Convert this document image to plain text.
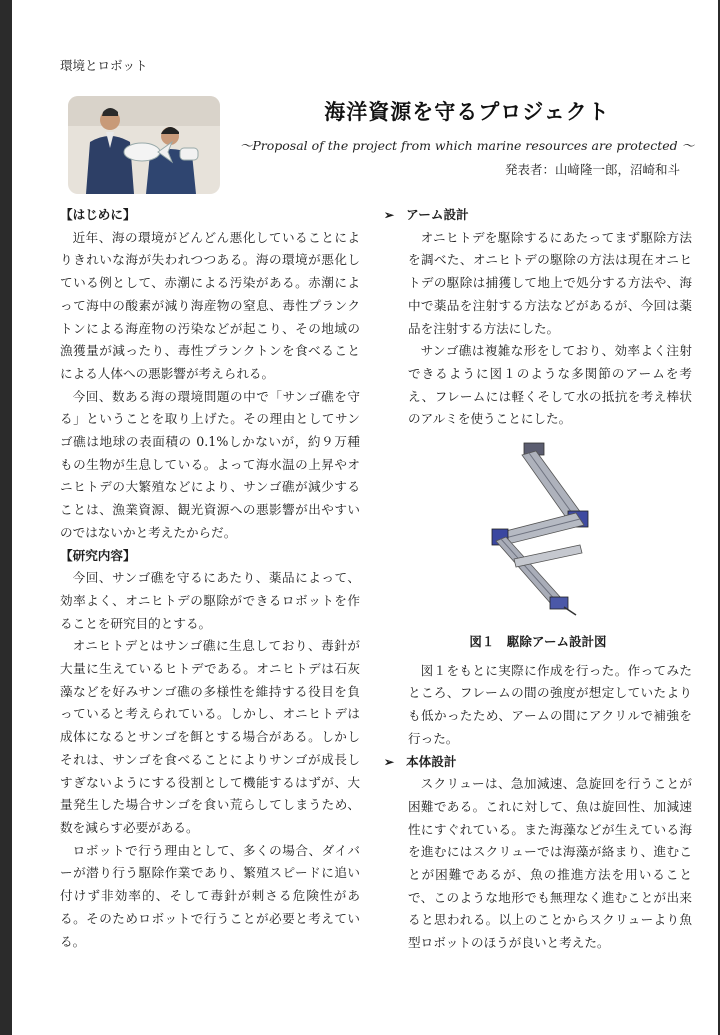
環境とロボット
海洋資源を守るプロジェクト
～Proposal of the project from which marine resources are protected ～
発表者：山﨑隆一郎，沼崎和斗

【はじめに】

近年、海の環境がどんどん悪化していることによりきれいな海が失われつつある。海の環境が悪化している例として、赤潮による汚染がある。赤潮によって海中の酸素が減り海産物の窒息、毒性プランクトンによる海産物の汚染などが起こり、その地域の漁獲量が減ったり、毒性プランクトンを食べることによる人体への悪影響が考えられる。

今回、数ある海の環境問題の中で「サンゴ礁を守る」ということを取り上げた。その理由としてサンゴ礁は地球の表面積の 0.1%しかないが，約９万種もの生物が生息している。よって海水温の上昇やオニヒトデの大繁殖などにより、サンゴ礁が減少することは、漁業資源、観光資源への悪影響が出やすいのではないかと考えたからだ。

【研究内容】

今回、サンゴ礁を守るにあたり、薬品によって、効率よく、オニヒトデの駆除ができるロボットを作ることを研究目的とする。

オニヒトデとはサンゴ礁に生息しており、毒針が大量に生えているヒトデである。オニヒトデは石灰藻などを好みサンゴ礁の多様性を維持する役目を負っていると考えられている。しかし、オニヒトデは成体になるとサンゴを餌とする場合がある。しかしそれは、サンゴを食べることによりサンゴが成長しすぎないようにする役割として機能するはずが、大量発生した場合サンゴを食い荒らしてしまうため、数を減らす必要がある。

ロボットで行う理由として、多くの場合、ダイバーが潜り行う駆除作業であり、繁殖スピードに追い付けず非効率的、そして毒針が刺さる危険性がある。そのためロボットで行うことが必要と考えている。

➢ アーム設計

オニヒトデを駆除するにあたってまず駆除方法を調べた、オニヒトデの駆除の方法は現在オニヒトデの駆除は捕獲して地上で処分する方法や、海中で薬品を注射する方法などがあるが、今回は薬品を注射する方法にした。

サンゴ礁は複雑な形をしており、効率よく注射できるように図１のような多関節のアームを考え、フレームには軽くそして水の抵抗を考え棒状のアルミを使うことにした。

図１　駆除アーム設計図

図１をもとに実際に作成を行った。作ってみたところ、フレームの間の強度が想定していたよりも低かったため、アームの間にアクリルで補強を行った。

➢ 本体設計

スクリューは、急加減速、急旋回を行うことが困難である。これに対して、魚は旋回性、加減速性にすぐれている。また海藻などが生えている海を進むにはスクリューでは海藻が絡まり、進むことが困難であるが、魚の推進方法を用いることで、このような地形でも無理なく進むことが出来ると思われる。以上のことからスクリューより魚型ロボットのほうが良いと考えた。
